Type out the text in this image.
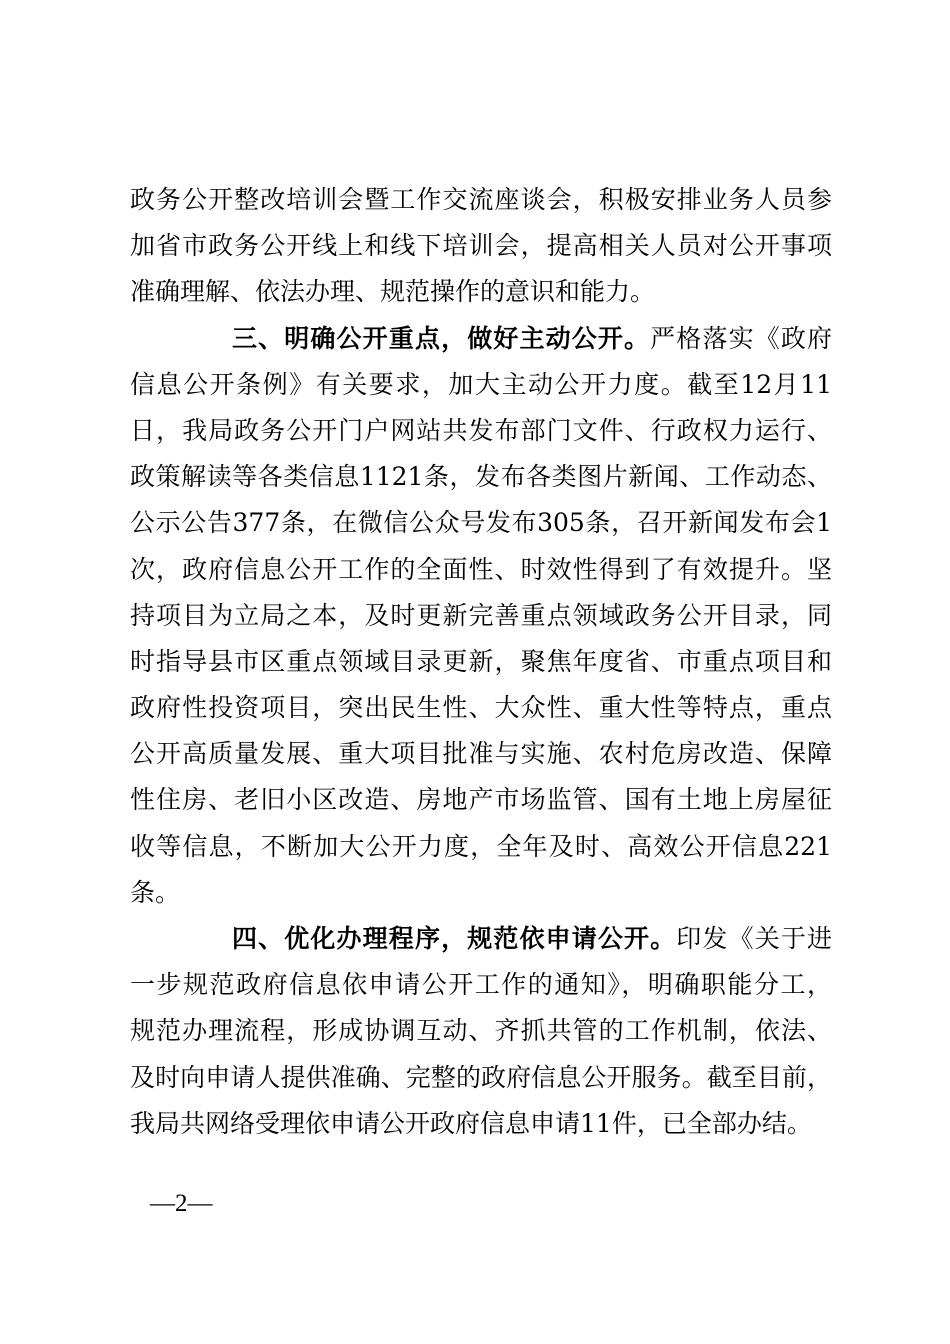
政务公开整改培训会暨工作交流座谈会，积极安排业务人员参
加省市政务公开线上和线下培训会，提高相关人员对公开事项
准确理解、依法办理、规范操作的意识和能力。
三、明确公开重点，做好主动公开。严格落实《政府
信息公开条例》有关要求，加大主动公开力度。截至12月11
日，我局政务公开门户网站共发布部门文件、行政权力运行、
政策解读等各类信息1121条，发布各类图片新闻、工作动态、
公示公告377条，在微信公众号发布305条，召开新闻发布会1
次，政府信息公开工作的全面性、时效性得到了有效提升。坚
持项目为立局之本，及时更新完善重点领域政务公开目录，同
时指导县市区重点领域目录更新，聚焦年度省、市重点项目和
政府性投资项目，突出民生性、大众性、重大性等特点，重点
公开高质量发展、重大项目批准与实施、农村危房改造、保障
性住房、老旧小区改造、房地产市场监管、国有土地上房屋征
收等信息，不断加大公开力度，全年及时、高效公开信息221
条。
四、优化办理程序，规范依申请公开。印发《关于进
一步规范政府信息依申请公开工作的通知》，明确职能分工，
规范办理流程，形成协调互动、齐抓共管的工作机制，依法、
及时向申请人提供准确、完整的政府信息公开服务。截至目前，
我局共网络受理依申请公开政府信息申请11件，已全部办结。
—2—
